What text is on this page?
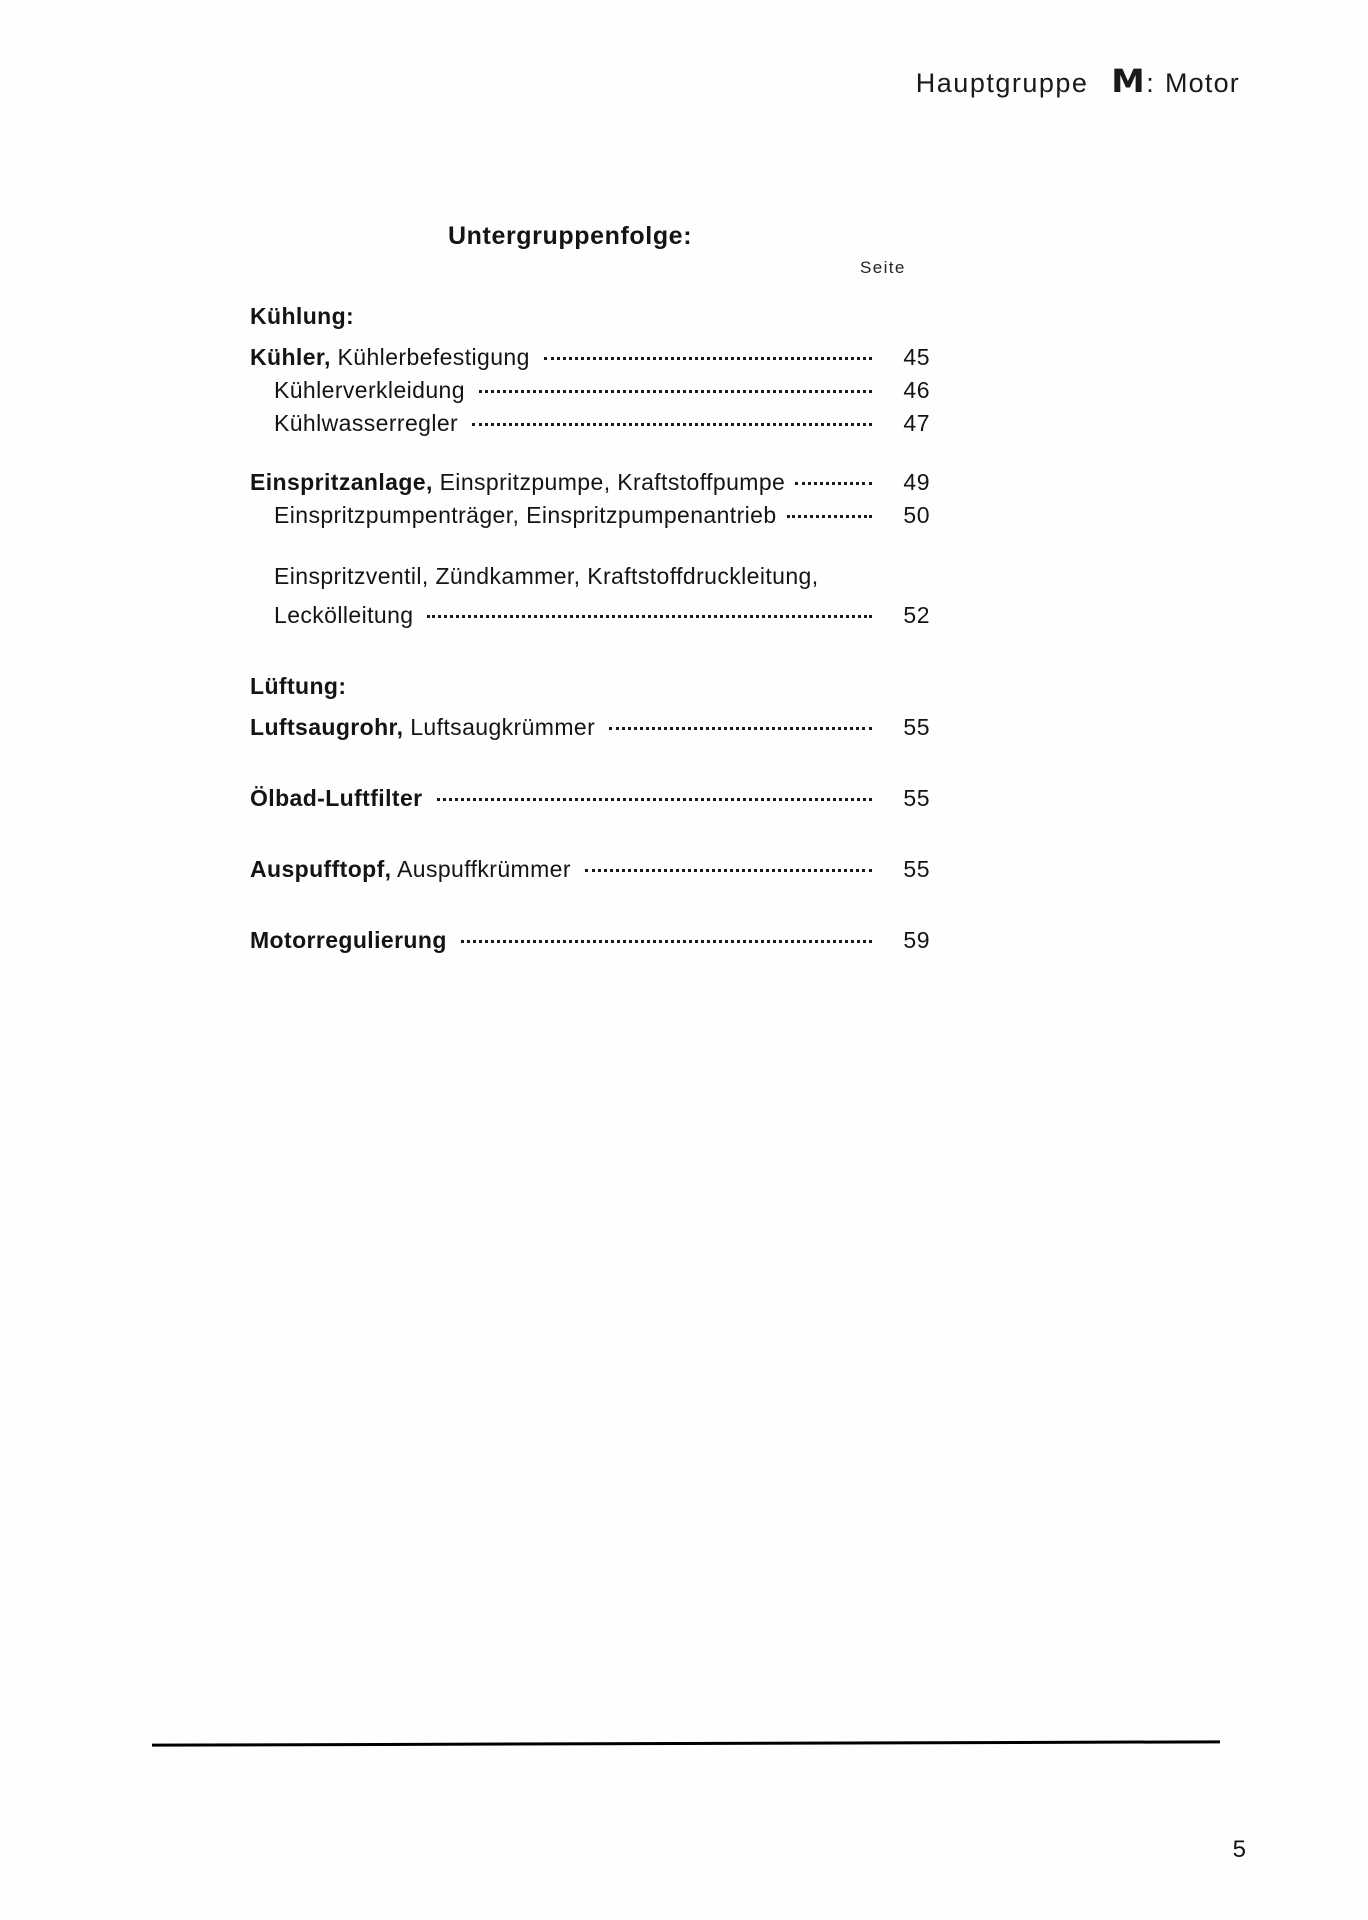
Hauptgruppe M : Motor
Untergruppenfolge:
Seite
Kühlung:
Kühler, Kühlerbefestigung	45
Kühlerverkleidung	46
Kühlwasserregler	47
Einspritzanlage, Einspritzpumpe, Kraftstoffpumpe	49
Einspritzpumpenträger, Einspritzpumpenantrieb	50
Einspritzventil, Zündkammer, Kraftstoffdruckleitung,
Leckölleitung	52
Lüftung:
Luftsaugrohr, Luftsaugkrümmer	55
Ölbad-Luftfilter	55
Auspufftopf, Auspuffkrümmer	55
Motorregulierung	59
5
